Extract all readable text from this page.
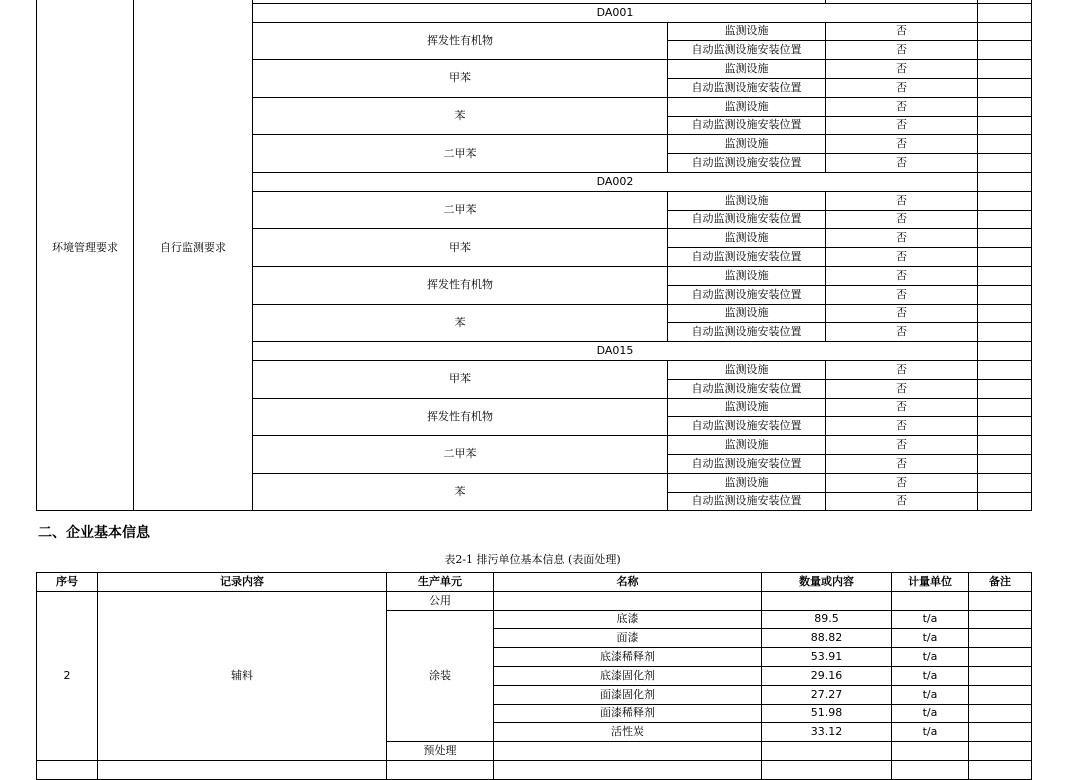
环境管理要求	自行监测要求				
		DA001			
		挥发性有机物	监测设施	否	
			自动监测设施安装位置	否	
		甲苯	监测设施	否	
			自动监测设施安装位置	否	
		苯	监测设施	否	
			自动监测设施安装位置	否	
		二甲苯	监测设施	否	
			自动监测设施安装位置	否	
		DA002			
		二甲苯	监测设施	否	
			自动监测设施安装位置	否	
		甲苯	监测设施	否	
			自动监测设施安装位置	否	
		挥发性有机物	监测设施	否	
			自动监测设施安装位置	否	
		苯	监测设施	否	
			自动监测设施安装位置	否	
		DA015			
		甲苯	监测设施	否	
			自动监测设施安装位置	否	
		挥发性有机物	监测设施	否	
			自动监测设施安装位置	否	
		二甲苯	监测设施	否	
			自动监测设施安装位置	否	
		苯	监测设施	否	
			自动监测设施安装位置	否	
二、企业基本信息
表2-1 排污单位基本信息 (表面处理)
序号	记录内容	生产单元	名称	数量或内容	计量单位	备注
2	辅料	公用				
		涂装	底漆	89.5	t/a	
			面漆	88.82	t/a	
			底漆稀释剂	53.91	t/a	
			底漆固化剂	29.16	t/a	
			面漆固化剂	27.27	t/a	
			面漆稀释剂	51.98	t/a	
			活性炭	33.12	t/a	
		预处理				
